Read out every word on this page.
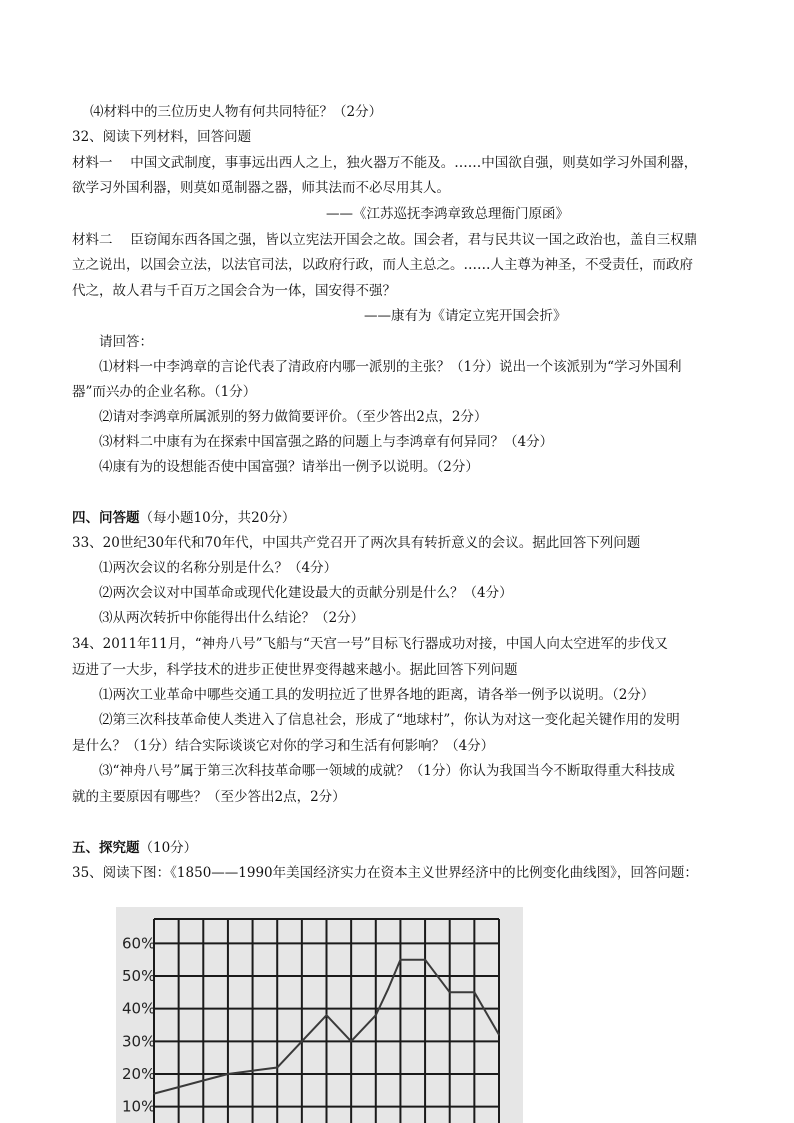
⑷材料中的三位历史人物有何共同特征？（2分）
32、阅读下列材料，回答问题
材料一　 中国文武制度，事事远出西人之上，独火器万不能及。……中国欲自强，则莫如学习外国利器，
欲学习外国利器，则莫如觅制器之器，师其法而不必尽用其人。
——《江苏巡抚李鸿章致总理衙门原函》
材料二　 臣窃闻东西各国之强，皆以立宪法开国会之故。国会者，君与民共议一国之政治也，盖自三权鼎
立之说出，以国会立法，以法官司法，以政府行政，而人主总之。……人主尊为神圣，不受责任，而政府
代之，故人君与千百万之国会合为一体，国安得不强？
——康有为《请定立宪开国会折》
请回答：
⑴材料一中李鸿章的言论代表了清政府内哪一派别的主张？（1分）说出一个该派别为“学习外国利
器”而兴办的企业名称。（1分）
⑵请对李鸿章所属派别的努力做简要评价。（至少答出2点，2分）
⑶材料二中康有为在探索中国富强之路的问题上与李鸿章有何异同？（4分）
⑷康有为的设想能否使中国富强？请举出一例予以说明。（2分）
四、问答题（每小题10分，共20分）
33、20世纪30年代和70年代，中国共产党召开了两次具有转折意义的会议。据此回答下列问题
⑴两次会议的名称分别是什么？（4分）
⑵两次会议对中国革命或现代化建设最大的贡献分别是什么？（4分）
⑶从两次转折中你能得出什么结论？（2分）
34、2011年11月，“神舟八号”飞船与“天宫一号”目标飞行器成功对接，中国人向太空进军的步伐又
迈进了一大步，科学技术的进步正使世界变得越来越小。据此回答下列问题
⑴两次工业革命中哪些交通工具的发明拉近了世界各地的距离，请各举一例予以说明。（2分）
⑵第三次科技革命使人类进入了信息社会，形成了“地球村”，你认为对这一变化起关键作用的发明
是什么？（1分）结合实际谈谈它对你的学习和生活有何影响？（4分）
⑶“神舟八号”属于第三次科技革命哪一领域的成就？（1分）你认为我国当今不断取得重大科技成
就的主要原因有哪些？（至少答出2点，2分）
五、探究题（10分）
35、阅读下图：《1850——1990年美国经济实力在资本主义世界经济中的比例变化曲线图》，回答问题：
60%
50%
40%
30%
20%
10%
